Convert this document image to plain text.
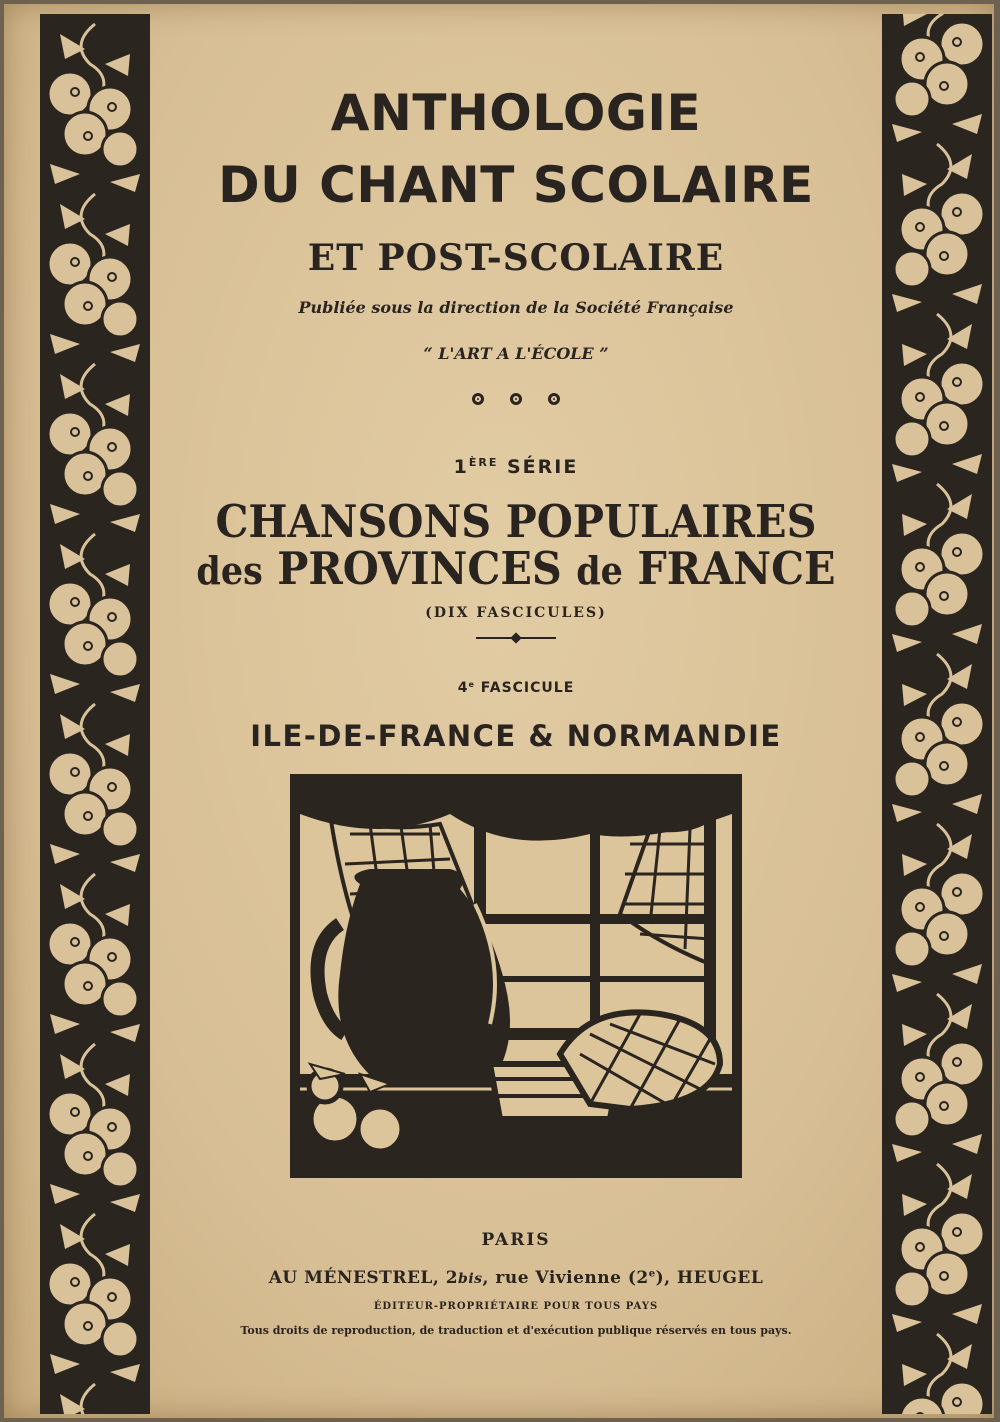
ANTHOLOGIE
DU CHANT SCOLAIRE
ET POST-SCOLAIRE
Publiée sous la direction de la Société Française
“ L'ART A L'ÉCOLE ”
1ÈRE SÉRIE
CHANSONS POPULAIRES
des PROVINCES de FRANCE
(DIX FASCICULES)
4e FASCICULE
ILE-DE-FRANCE & NORMANDIE
PARIS
AU MÉNESTREL, 2bis, rue Vivienne (2e), HEUGEL
ÉDITEUR-PROPRIÉTAIRE POUR TOUS PAYS
Tous droits de reproduction, de traduction et d'exécution publique réservés en tous pays.
